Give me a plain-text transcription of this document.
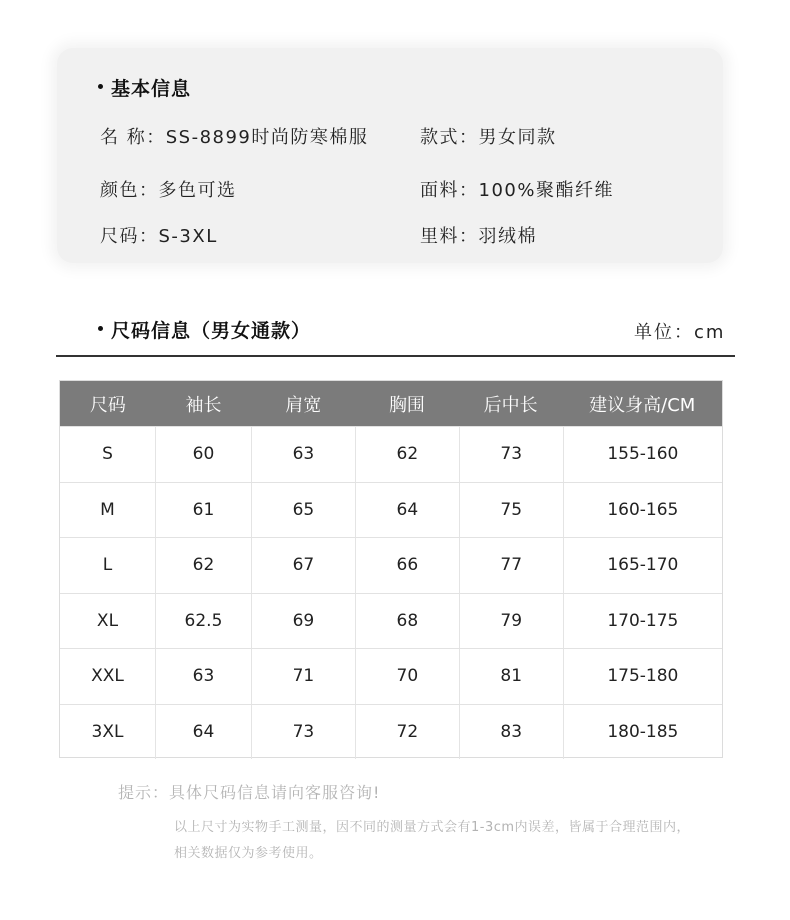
基本信息
名 称：SS-8899时尚防寒棉服	款式：男女同款
颜色：多色可选	面料：100%聚酯纤维
尺码：S-3XL	里料：羽绒棉
尺码信息（男女通款）	单位：cm
尺码	袖长	肩宽	胸围	后中长	建议身高/CM
S	60	63	62	73	155-160
M	61	65	64	75	160-165
L	62	67	66	77	165-170
XL	62.5	69	68	79	170-175
XXL	63	71	70	81	175-180
3XL	64	73	72	83	180-185
提示：具体尺码信息请向客服咨询!
以上尺寸为实物手工测量，因不同的测量方式会有1-3cm内误差，皆属于合理范围内，相关数据仅为参考使用。
